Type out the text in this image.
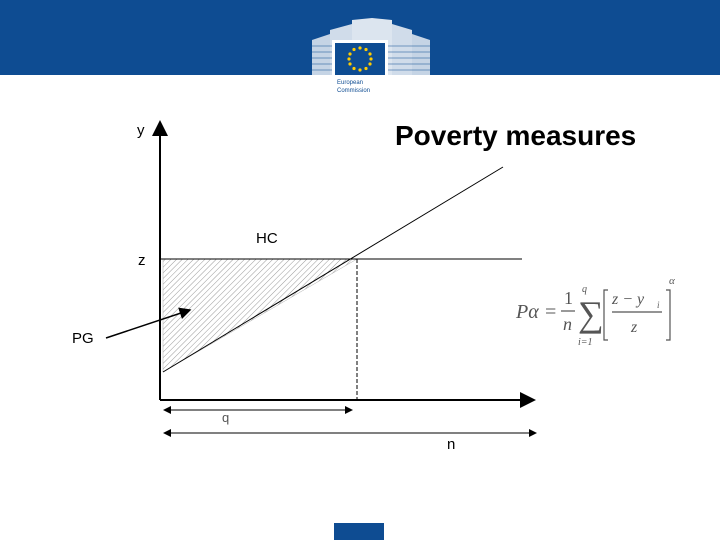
European
Commission
Poverty measures
y
z
HC
PG
q
n
Pα =
1
n
q
∑
i=1
z − y i
z
α
